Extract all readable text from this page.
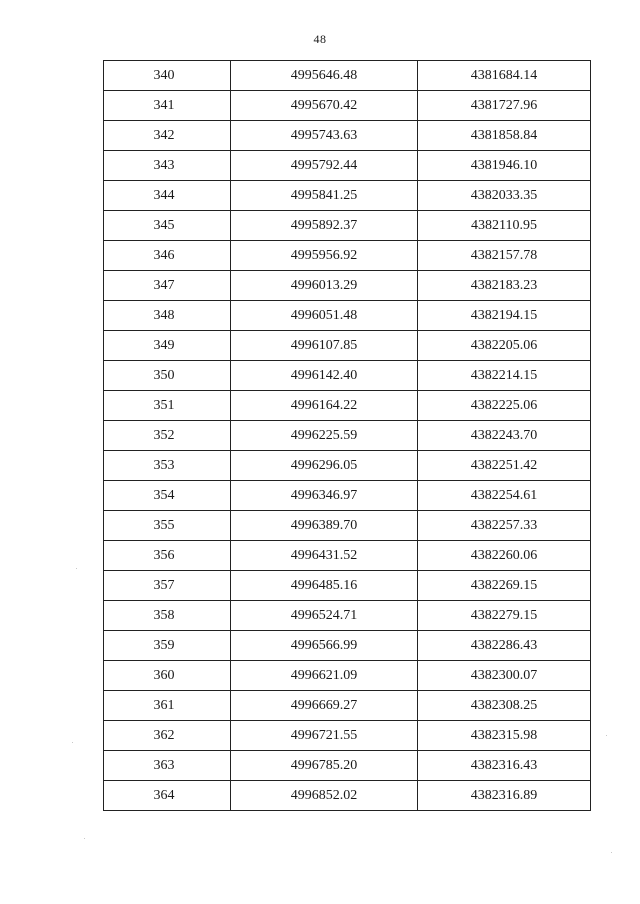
48
340	4995646.48	4381684.14
341	4995670.42	4381727.96
342	4995743.63	4381858.84
343	4995792.44	4381946.10
344	4995841.25	4382033.35
345	4995892.37	4382110.95
346	4995956.92	4382157.78
347	4996013.29	4382183.23
348	4996051.48	4382194.15
349	4996107.85	4382205.06
350	4996142.40	4382214.15
351	4996164.22	4382225.06
352	4996225.59	4382243.70
353	4996296.05	4382251.42
354	4996346.97	4382254.61
355	4996389.70	4382257.33
356	4996431.52	4382260.06
357	4996485.16	4382269.15
358	4996524.71	4382279.15
359	4996566.99	4382286.43
360	4996621.09	4382300.07
361	4996669.27	4382308.25
362	4996721.55	4382315.98
363	4996785.20	4382316.43
364	4996852.02	4382316.89
